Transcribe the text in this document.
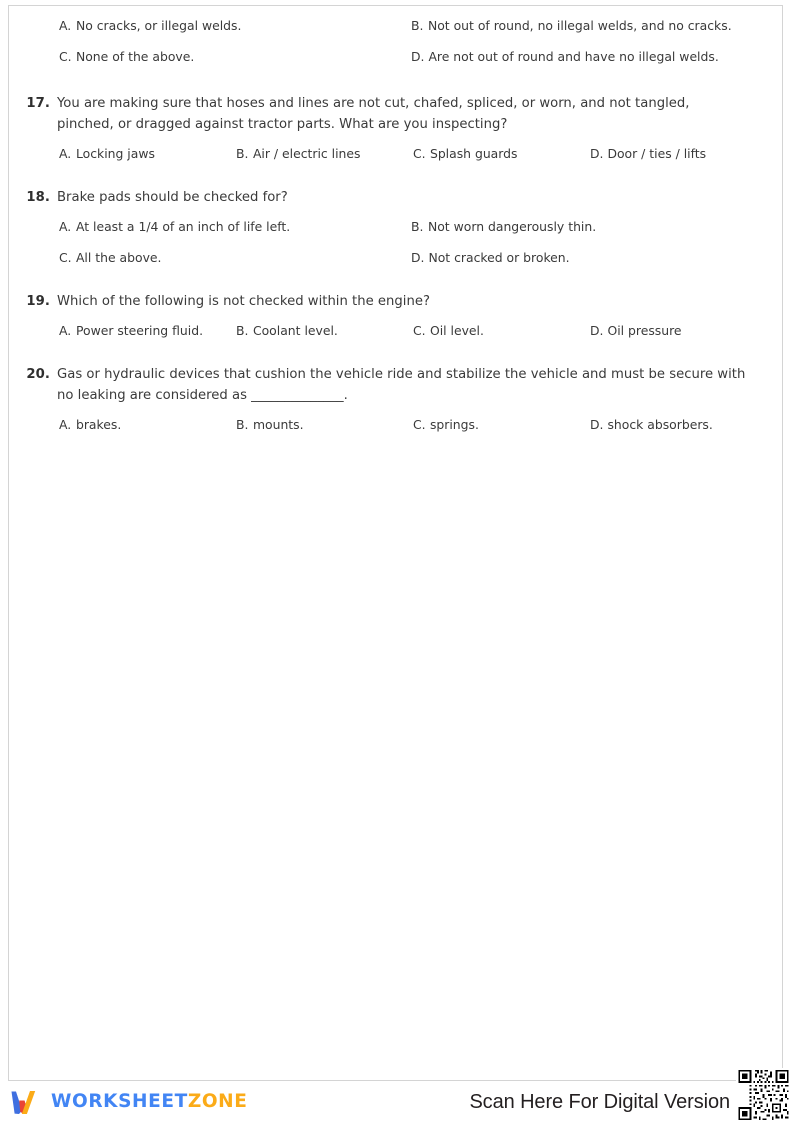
A. No cracks, or illegal welds.	B. Not out of round, no illegal welds, and no cracks.
C. None of the above.	D. Are not out of round and have no illegal welds.
17. You are making sure that hoses and lines are not cut, chafed, spliced, or worn, and not tangled, pinched, or dragged against tractor parts. What are you inspecting?
A. Locking jaws	B. Air / electric lines	C. Splash guards	D. Door / ties / lifts
18. Brake pads should be checked for?
A. At least a 1/4 of an inch of life left.	B. Not worn dangerously thin.
C. All the above.	D. Not cracked or broken.
19. Which of the following is not checked within the engine?
A. Power steering fluid.	B. Coolant level.	C. Oil level.	D. Oil pressure
20. Gas or hydraulic devices that cushion the vehicle ride and stabilize the vehicle and must be secure with no leaking are considered as ______________.
A. brakes.	B. mounts.	C. springs.	D. shock absorbers.
WORKSHEETZONE	Scan Here For Digital Version
